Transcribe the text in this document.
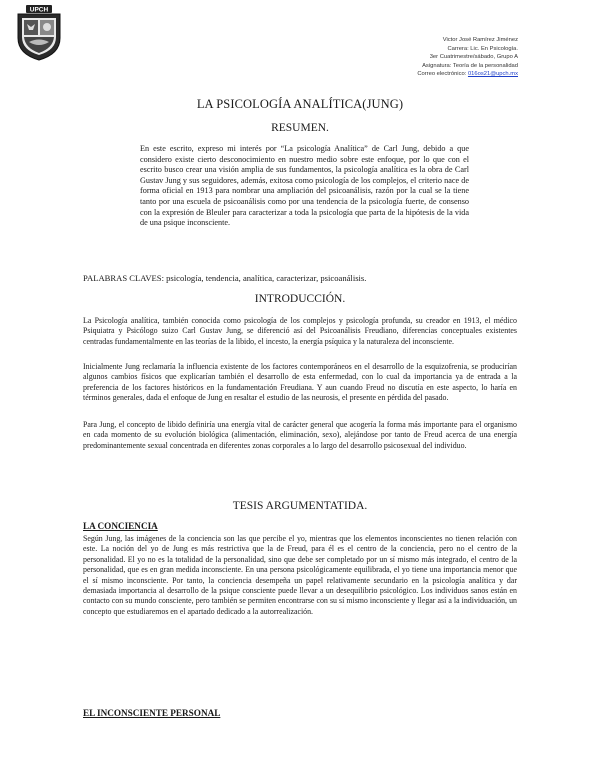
UPCH
Victor José Ramírez Jiménez
Carrera: Lic. En Psicología.
3er Cuatrimestre/sábado, Grupo A
Asignatura: Teoría de la personalidad
Correo electrónico: 016os21@upch.mx
LA PSICOLOGÍA ANALÍTICA(JUNG)
RESUMEN.
En este escrito, expreso mi interés por “La psicología Analítica” de Carl Jung, debido a que considero existe cierto desconocimiento en nuestro medio sobre este enfoque, por lo que con el escrito busco crear una visión amplia de sus fundamentos, la psicología analítica es la obra de Carl Gustav Jung y sus seguidores, además, exitosa como psicología de los complejos, el criterio nace de forma oficial en 1913 para nombrar una ampliación del psicoanálisis, razón por la cual se la tiene tanto por una escuela de psicoanálisis como por una tendencia de la psicología fuerte, de consenso con la expresión de Bleuler para caracterizar a toda la psicología que parta de la hipótesis de la vida de una psique inconsciente.
PALABRAS CLAVES: psicología, tendencia, analítica, caracterizar, psicoanálisis.
INTRODUCCIÓN.
La Psicología analítica, también conocida como psicología de los complejos y psicología profunda, su creador en 1913, el médico Psiquiatra y Psicólogo suizo Carl Gustav Jung, se diferenció así del Psicoanálisis Freudiano, diferencias conceptuales existentes centradas fundamentalmente en las teorías de la libido, el incesto, la energía psíquica y la naturaleza del inconsciente.
Inicialmente Jung reclamaría la influencia existente de los factores contemporáneos en el desarrollo de la esquizofrenia, se producirían algunos cambios físicos que explicarían también el desarrollo de esta enfermedad, con lo cual da importancia ya de entrada a la preferencia de los factores históricos en la fundamentación Freudiana. Y aun cuando Freud no discutía en este aspecto, lo haría en términos generales, dada el enfoque de Jung en resaltar el estudio de las neurosis, el presente en pérdida del pasado.
Para Jung, el concepto de libido definiría una energía vital de carácter general que acogería la forma más importante para el organismo en cada momento de su evolución biológica (alimentación, eliminación, sexo), alejándose por tanto de Freud acerca de una energía predominantemente sexual concentrada en diferentes zonas corporales a lo largo del desarrollo psicosexual del individuo.
TESIS ARGUMENTATIDA.
LA CONCIENCIA
Según Jung, las imágenes de la conciencia son las que percibe el yo, mientras que los elementos inconscientes no tienen relación con este. La noción del yo de Jung es más restrictiva que la de Freud, para él es el centro de la conciencia, pero no el centro de la personalidad. El yo no es la totalidad de la personalidad, sino que debe ser completado por un sí mismo más integrado, el centro de la personalidad, que es en gran medida inconsciente. En una persona psicológicamente equilibrada, el yo tiene una importancia menor que el sí mismo inconsciente. Por tanto, la conciencia desempeña un papel relativamente secundario en la psicología analítica y dar demasiada importancia al desarrollo de la psique consciente puede llevar a un desequilibrio psicológico. Los individuos sanos están en contacto con su mundo consciente, pero también se permiten encontrarse con su sí mismo inconsciente y llegar así a la individuación, un concepto que estudiaremos en el apartado dedicado a la autorrealización.
EL INCONSCIENTE PERSONAL
